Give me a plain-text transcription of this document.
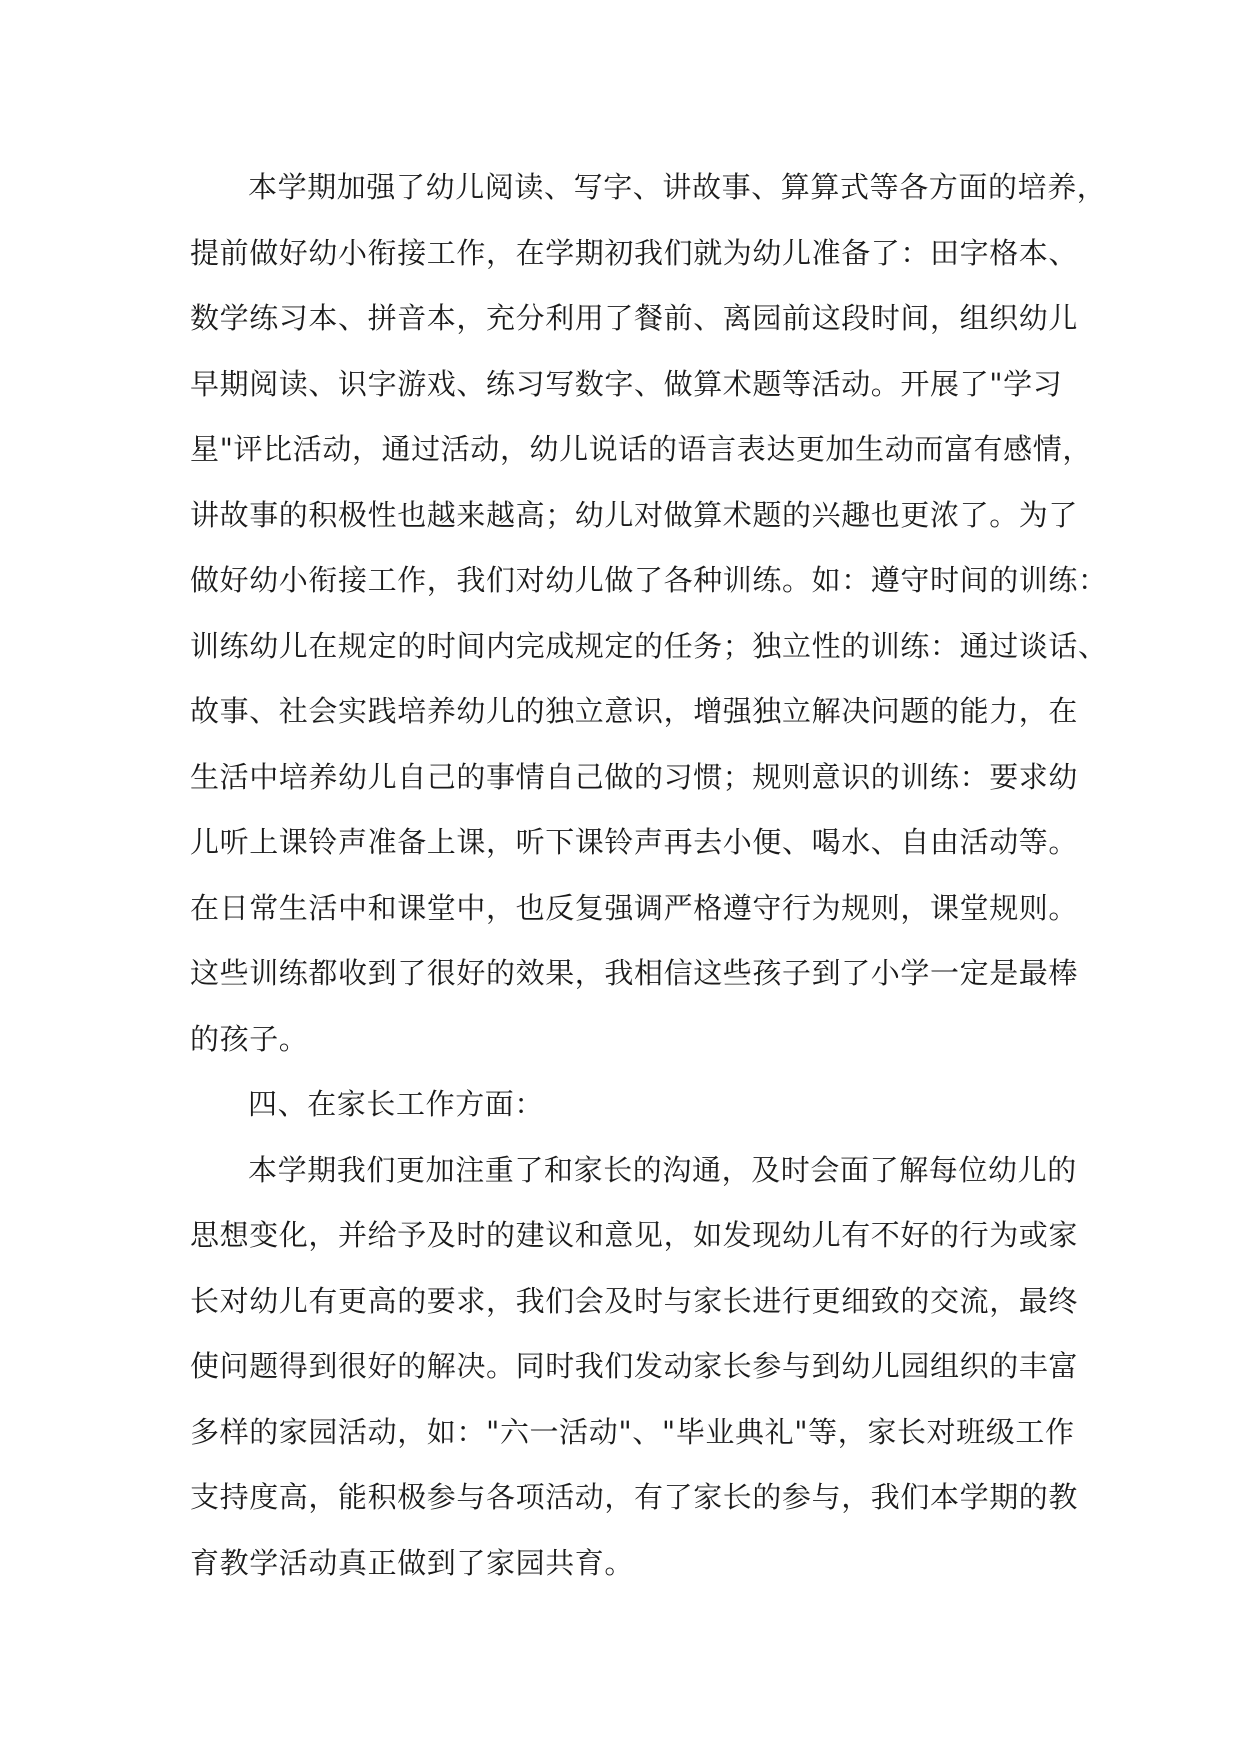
本学期加强了幼儿阅读、写字、讲故事、算算式等各方面的培养，
提前做好幼小衔接工作，在学期初我们就为幼儿准备了：田字格本、
数学练习本、拼音本，充分利用了餐前、离园前这段时间，组织幼儿
早期阅读、识字游戏、练习写数字、做算术题等活动。开展了"学习
星"评比活动，通过活动，幼儿说话的语言表达更加生动而富有感情，
讲故事的积极性也越来越高；幼儿对做算术题的兴趣也更浓了。为了
做好幼小衔接工作，我们对幼儿做了各种训练。如：遵守时间的训练：
训练幼儿在规定的时间内完成规定的任务；独立性的训练：通过谈话、
故事、社会实践培养幼儿的独立意识，增强独立解决问题的能力，在
生活中培养幼儿自己的事情自己做的习惯；规则意识的训练：要求幼
儿听上课铃声准备上课，听下课铃声再去小便、喝水、自由活动等。
在日常生活中和课堂中，也反复强调严格遵守行为规则，课堂规则。
这些训练都收到了很好的效果，我相信这些孩子到了小学一定是最棒
的孩子。
四、在家长工作方面：
本学期我们更加注重了和家长的沟通，及时会面了解每位幼儿的
思想变化，并给予及时的建议和意见，如发现幼儿有不好的行为或家
长对幼儿有更高的要求，我们会及时与家长进行更细致的交流，最终
使问题得到很好的解决。同时我们发动家长参与到幼儿园组织的丰富
多样的家园活动，如："六一活动"、"毕业典礼"等，家长对班级工作
支持度高，能积极参与各项活动，有了家长的参与，我们本学期的教
育教学活动真正做到了家园共育。
